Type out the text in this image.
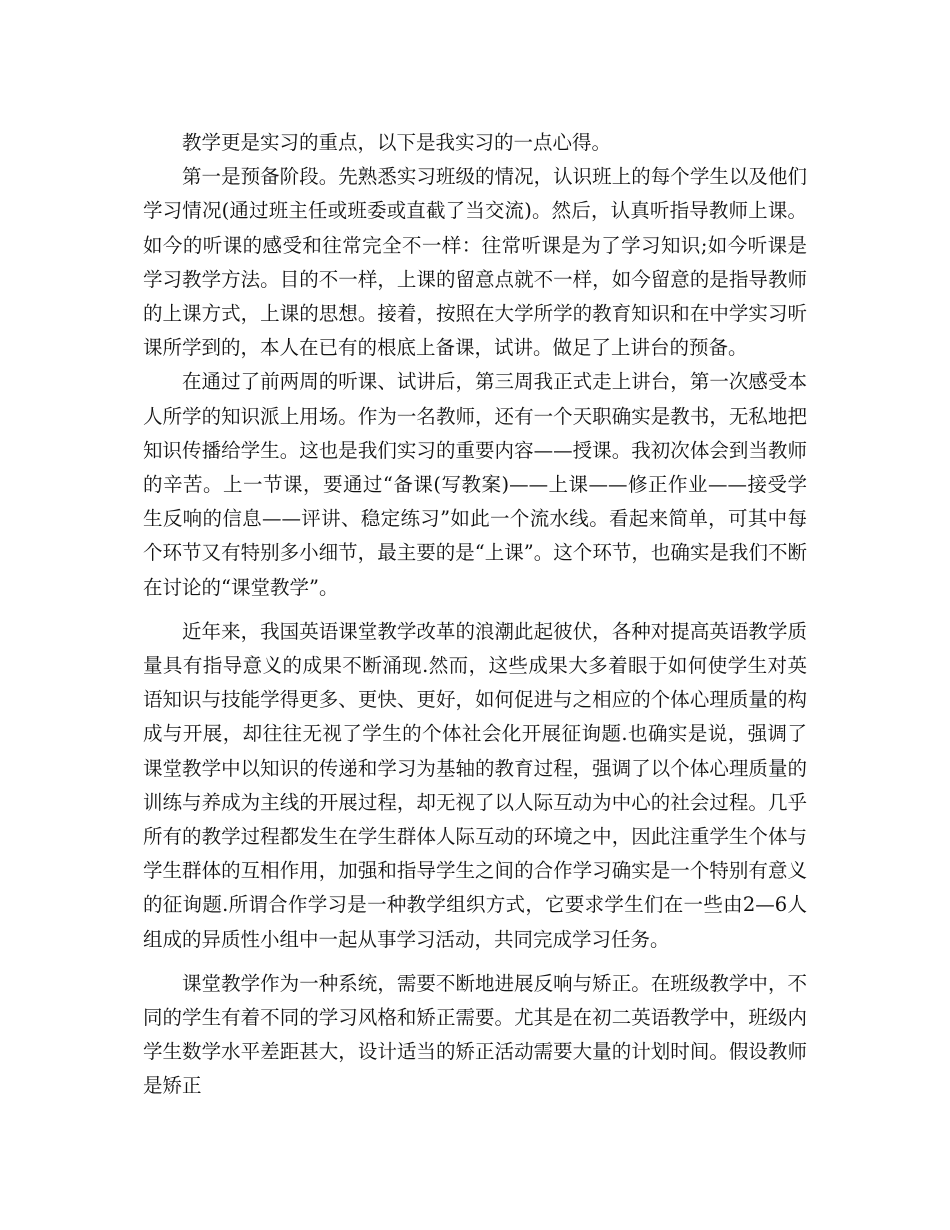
教学更是实习的重点，以下是我实习的一点心得。

第一是预备阶段。先熟悉实习班级的情况，认识班上的每个学生以及他们学习情况(通过班主任或班委或直截了当交流)。然后，认真听指导教师上课。如今的听课的感受和往常完全不一样：往常听课是为了学习知识;如今听课是学习教学方法。目的不一样，上课的留意点就不一样，如今留意的是指导教师的上课方式，上课的思想。接着，按照在大学所学的教育知识和在中学实习听课所学到的，本人在已有的根底上备课，试讲。做足了上讲台的预备。

在通过了前两周的听课、试讲后，第三周我正式走上讲台，第一次感受本人所学的知识派上用场。作为一名教师，还有一个天职确实是教书，无私地把知识传播给学生。这也是我们实习的重要内容——授课。我初次体会到当教师的辛苦。上一节课，要通过“备课(写教案)——上课——修正作业——接受学生反响的信息——评讲、稳定练习”如此一个流水线。看起来简单，可其中每个环节又有特别多小细节，最主要的是“上课”。这个环节，也确实是我们不断在讨论的“课堂教学”。

近年来，我国英语课堂教学改革的浪潮此起彼伏，各种对提高英语教学质量具有指导意义的成果不断涌现.然而，这些成果大多着眼于如何使学生对英语知识与技能学得更多、更快、更好，如何促进与之相应的个体心理质量的构成与开展，却往往无视了学生的个体社会化开展征询题.也确实是说，强调了课堂教学中以知识的传递和学习为基轴的教育过程，强调了以个体心理质量的训练与养成为主线的开展过程，却无视了以人际互动为中心的社会过程。几乎所有的教学过程都发生在学生群体人际互动的环境之中，因此注重学生个体与学生群体的互相作用，加强和指导学生之间的合作学习确实是一个特别有意义的征询题.所谓合作学习是一种教学组织方式，它要求学生们在一些由2—6人组成的异质性小组中一起从事学习活动，共同完成学习任务。

课堂教学作为一种系统，需要不断地进展反响与矫正。在班级教学中，不同的学生有着不同的学习风格和矫正需要。尤其是在初二英语教学中，班级内学生数学水平差距甚大，设计适当的矫正活动需要大量的计划时间。假设教师是矫正
